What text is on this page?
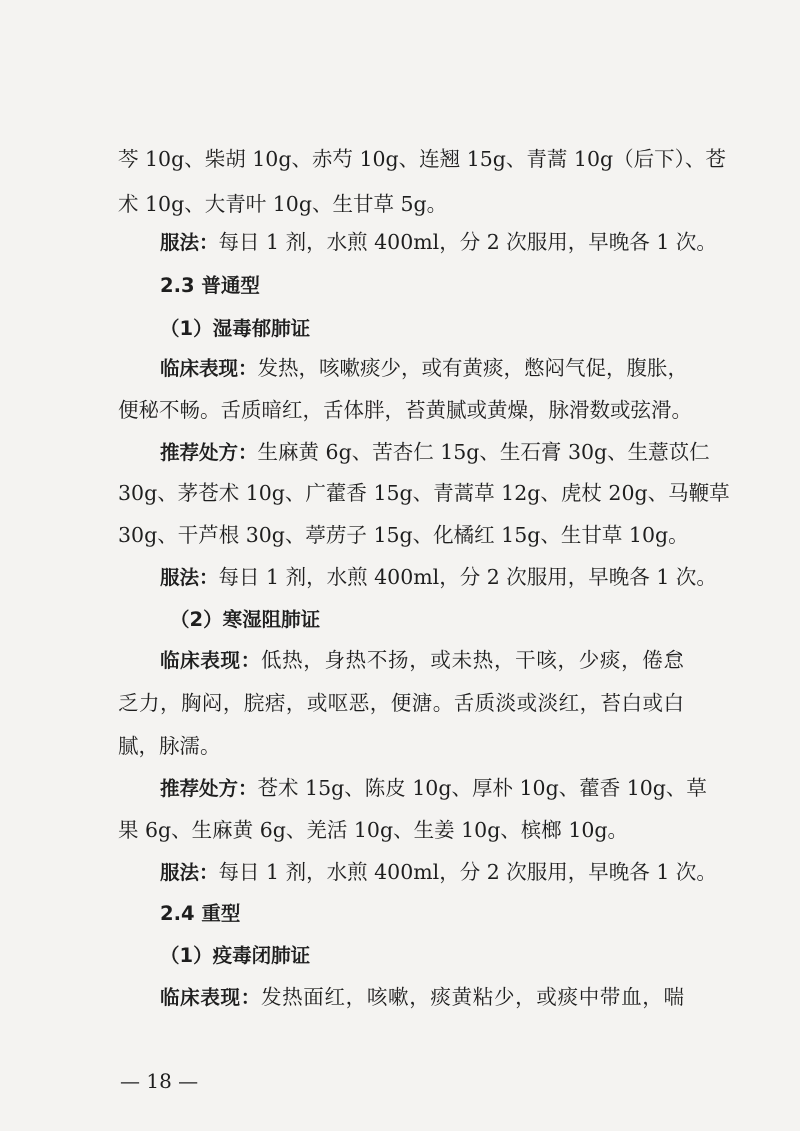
芩 10g、柴胡 10g、赤芍 10g、连翘 15g、青蒿 10g（后下）、苍
术 10g、大青叶 10g、生甘草 5g。
服法：每日 1 剂，水煎 400ml，分 2 次服用，早晚各 1 次。
2.3 普通型
（1）湿毒郁肺证
临床表现：发热，咳嗽痰少，或有黄痰，憋闷气促，腹胀，
便秘不畅。舌质暗红，舌体胖，苔黄腻或黄燥，脉滑数或弦滑。
推荐处方：生麻黄 6g、苦杏仁 15g、生石膏 30g、生薏苡仁
30g、茅苍术 10g、广藿香 15g、青蒿草 12g、虎杖 20g、马鞭草
30g、干芦根 30g、葶苈子 15g、化橘红 15g、生甘草 10g。
服法：每日 1 剂，水煎 400ml，分 2 次服用，早晚各 1 次。
（2）寒湿阻肺证
临床表现：低热，身热不扬，或未热，干咳，少痰，倦怠
乏力，胸闷，脘痞，或呕恶，便溏。舌质淡或淡红，苔白或白
腻，脉濡。
推荐处方：苍术 15g、陈皮 10g、厚朴 10g、藿香 10g、草
果 6g、生麻黄 6g、羌活 10g、生姜 10g、槟榔 10g。
服法：每日 1 剂，水煎 400ml，分 2 次服用，早晚各 1 次。
2.4 重型
（1）疫毒闭肺证
临床表现：发热面红，咳嗽，痰黄粘少，或痰中带血，喘
— 18 —
